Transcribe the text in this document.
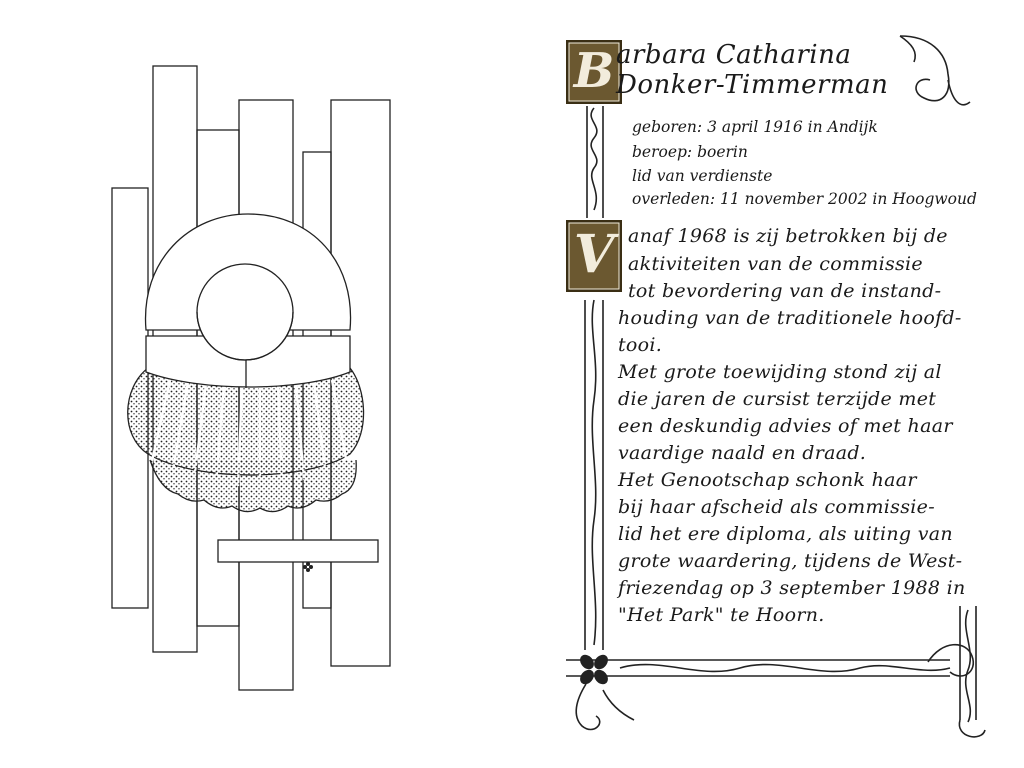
B
V

arbara Catharina

Donker-Timmerman

geboren: 3 april 1916 in Andijk

beroep: boerin

lid van verdienste

overleden: 11 november 2002 in Hoogwoud

anaf 1968 is zij betrokken bij de

aktiviteiten van de commissie

tot bevordering van de instand-

houding van de traditionele hoofd-

tooi.

Met grote toewijding stond zij al

die jaren de cursist terzijde met

een deskundig advies of met haar

vaardige naald en draad.

Het Genootschap schonk haar

bij haar afscheid als commissie-

lid het ere diploma, als uiting van

grote waardering, tijdens de West-

friezendag op 3 september 1988 in

"Het Park" te Hoorn.
